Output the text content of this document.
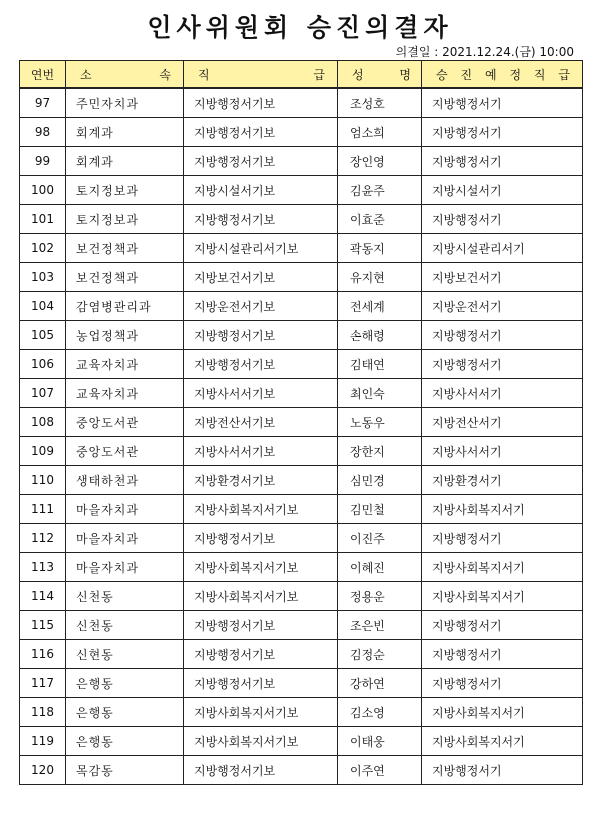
인사위원회 승진의결자
의결일 : 2021.12.24.(금) 10:00
연번	소 속	직 급	성 명	승 진 예 정 직 급
97	주민자치과	지방행정서기보	조성호	지방행정서기
98	회계과	지방행정서기보	엄소희	지방행정서기
99	회계과	지방행정서기보	장인영	지방행정서기
100	토지정보과	지방시설서기보	김윤주	지방시설서기
101	토지정보과	지방행정서기보	이효준	지방행정서기
102	보건정책과	지방시설관리서기보	곽동지	지방시설관리서기
103	보건정책과	지방보건서기보	유지현	지방보건서기
104	감염병관리과	지방운전서기보	전세계	지방운전서기
105	농업정책과	지방행정서기보	손해령	지방행정서기
106	교육자치과	지방행정서기보	김태연	지방행정서기
107	교육자치과	지방사서서기보	최인숙	지방사서서기
108	중앙도서관	지방전산서기보	노동우	지방전산서기
109	중앙도서관	지방사서서기보	장한지	지방사서서기
110	생태하천과	지방환경서기보	심민경	지방환경서기
111	마을자치과	지방사회복지서기보	김민철	지방사회복지서기
112	마을자치과	지방행정서기보	이진주	지방행정서기
113	마을자치과	지방사회복지서기보	이혜진	지방사회복지서기
114	신천동	지방사회복지서기보	정용운	지방사회복지서기
115	신천동	지방행정서기보	조은빈	지방행정서기
116	신현동	지방행정서기보	김정순	지방행정서기
117	은행동	지방행정서기보	강하연	지방행정서기
118	은행동	지방사회복지서기보	김소영	지방사회복지서기
119	은행동	지방사회복지서기보	이태웅	지방사회복지서기
120	목감동	지방행정서기보	이주연	지방행정서기
